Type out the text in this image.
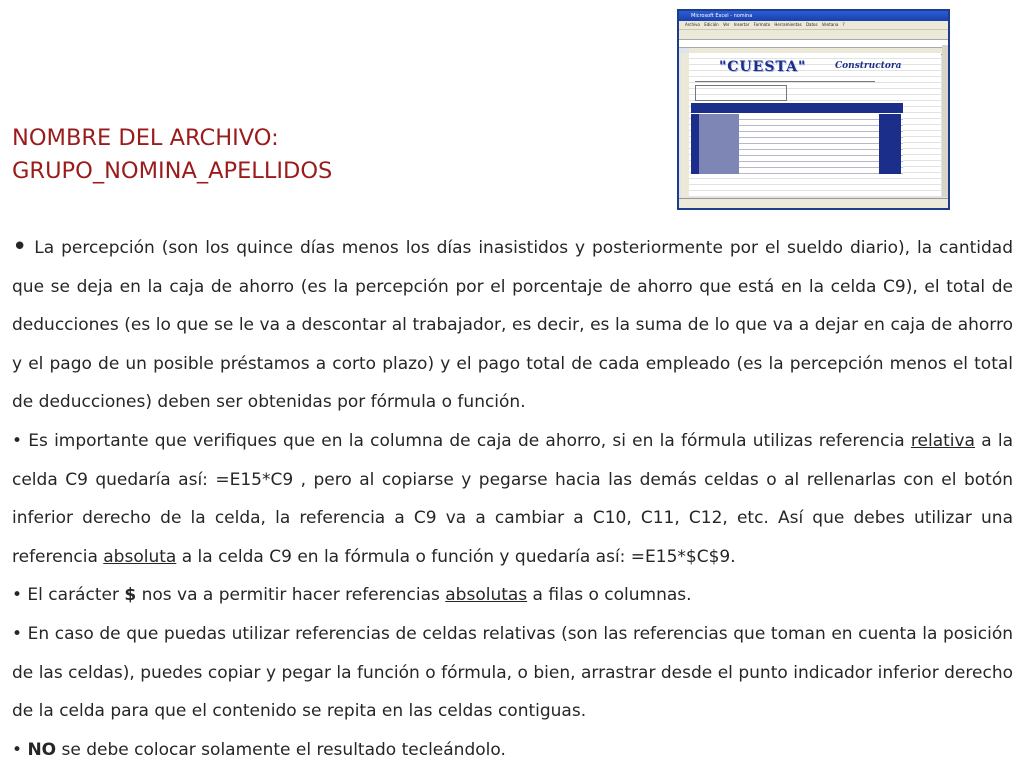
NOMBRE DEL ARCHIVO:
GRUPO_NOMINA_APELLIDOS
Microsoft Excel - nomina
Archivo Edición Ver Insertar Formato Herramientas Datos Ventana ?
"CUESTA"	Constructora

• La percepción (son los quince días menos los días inasistidos y posteriormente por el sueldo diario), la cantidad que se deja en la caja de ahorro (es la percepción por el porcentaje de ahorro que está en la celda C9), el total de deducciones (es lo que se le va a descontar al trabajador, es decir, es la suma de lo que va a dejar en caja de ahorro y el pago de un posible préstamos a corto plazo) y el pago total de cada empleado (es la percepción menos el total de deducciones) deben ser obtenidas por fórmula o función.

• Es importante que verifiques que en la columna de caja de ahorro, si en la fórmula utilizas referencia relativa a la celda C9 quedaría así: =E15*C9 , pero al copiarse y pegarse hacia las demás celdas o al rellenarlas con el botón inferior derecho de la celda, la referencia a C9 va a cambiar a C10, C11, C12, etc. Así que debes utilizar una referencia absoluta a la celda C9 en la fórmula o función y quedaría así: =E15*$C$9.

• El carácter $ nos va a permitir hacer referencias absolutas a filas o columnas.

• En caso de que puedas utilizar referencias de celdas relativas (son las referencias que toman en cuenta la posición de las celdas), puedes copiar y pegar la función o fórmula, o bien, arrastrar desde el punto indicador inferior derecho de la celda para que el contenido se repita en las celdas contiguas.

• NO se debe colocar solamente el resultado tecleándolo.
